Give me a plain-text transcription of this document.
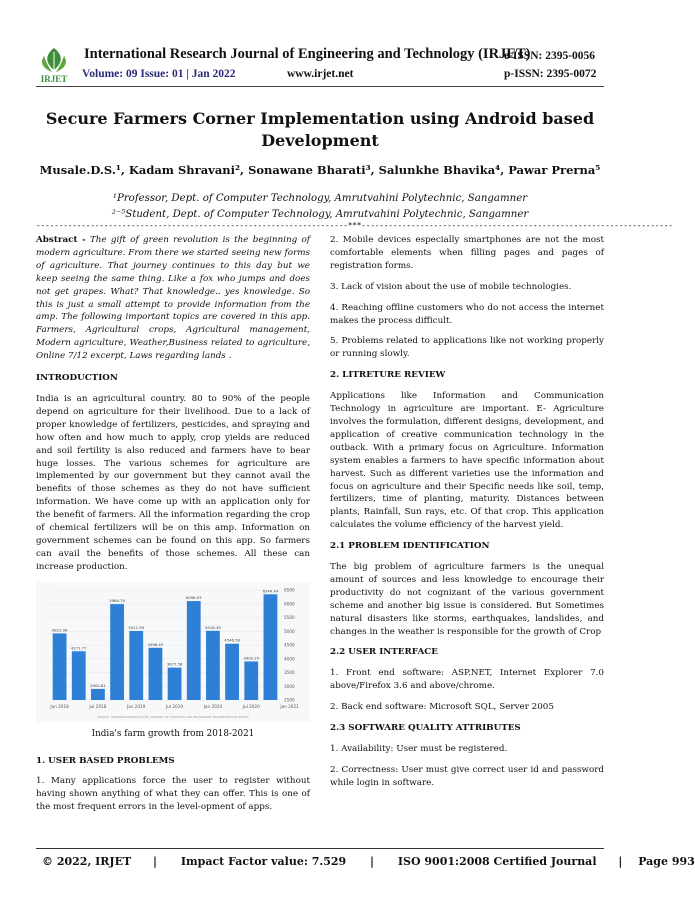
IRJET
International Research Journal of Engineering and Technology (IRJET)
e-ISSN: 2395-0056
Volume: 09 Issue: 01 | Jan 2022	www.irjet.net	p-ISSN: 2395-0072
Secure Farmers Corner Implementation using Android based Development
Musale.D.S.¹, Kadam Shravani², Sonawane Bharati³, Salunkhe Bhavika⁴, Pawar Prerna⁵
¹Professor, Dept. of Computer Technology, Amrutvahini Polytechnic, Sangamner
²⁻⁵Student, Dept. of Computer Technology, Amrutvahini Polytechnic, Sangamner
---------------------------------------------------------------------***---------------------------------------------------------------------

Abstract - The gift of green revolution is the beginning of modern agriculture. From there we started seeing new forms of agriculture. That journey continues to this day but we keep seeing the same thing. Like a fox who jumps and does not get grapes. What? That knowledge.. yes knowledge. So this is just a small attempt to provide information from the amp. The following important topics are covered in this app. Farmers, Agricultural crops, Agricultural management, Modern agriculture, Weather,Business related to agriculture, Online 7/12 excerpt, Laws regarding lands .

INTRODUCTION

India is an agricultural country. 80 to 90% of the people depend on agriculture for their livelihood. Due to a lack of proper knowledge of fertilizers, pesticides, and spraying and how often and how much to apply, crop yields are reduced and soil fertility is also reduced and farmers have to bear huge losses. The various schemes for agriculture are implemented by our government but they cannot avail the benefits of those schemes as they do not have sufficient information. We have come up with an application only for the benefit of farmers. All the information regarding the crop of chemical fertilizers will be on this amp. Information on government schemes can be found on this app. So farmers can avail the benefits of those schemes. All these can increase production.

4922.08
4271.77
2902.81
5986.79
5011.99
4398.45
3677.58
6098.03
5016.38
4546.58
3902.25
6344.44
2500
3000
3500
4000
4500
5000
5500
6000
6500
Jan 2018	Jul 2018	Jan 2019	Jul 2019	Jan 2020	Jul 2020	Jan 2021
SOURCE: TRADINGECONOMICS.COM | MINISTRY OF STATISTICS AND PROGRAMME IMPLEMENTATION (MOSPI)
India's farm growth from 2018-2021
1. USER BASED PROBLEMS

1. Many applications force the user to register without having shown anything of what they can offer. This is one of the most frequent errors in the level-opment of apps.

2. Mobile devices especially smartphones are not the most comfortable elements when filling pages and pages of registration forms.

3. Lack of vision about the use of mobile technologies.

4. Reaching offline customers who do not access the internet makes the process difficult.

5. Problems related to applications like not working properly or running slowly.

2. LITRETURE REVIEW

Applications like Information and Communication Technology in agriculture are important. E- Agriculture involves the formulation, different designs, development, and application of creative communication technology in the outback. With a primary focus on Agriculture. Information system enables a farmers to have specific information about harvest. Such as different varieties use the information and focus on agriculture and their Specific needs like soil, temp, fertilizers, time of planting, maturity. Distances between plants, Rainfall, Sun rays, etc. Of that crop. This application calculates the volume efficiency of the harvest yield.

2.1 PROBLEM IDENTIFICATION

The big problem of agriculture farmers is the unequal amount of sources and less knowledge to encourage their productivity do not cognizant of the various government scheme and another big issue is considered. But Sometimes natural disasters like storms, earthquakes, landslides, and changes in the weather is responsible for the growth of Crop

2.2 USER INTERFACE

1. Front end software: ASP.NET, Internet Explorer 7.0 above/Firefox 3.6 and above/chrome.

2. Back end software: Microsoft SQL, Server 2005

2.3 SOFTWARE QUALITY ATTRIBUTES

1. Availability: User must be registered.

2. Correctness: User must give correct user id and password while login in software.

© 2022, IRJET | Impact Factor value: 7.529 | ISO 9001:2008 Certified Journal | Page 993
